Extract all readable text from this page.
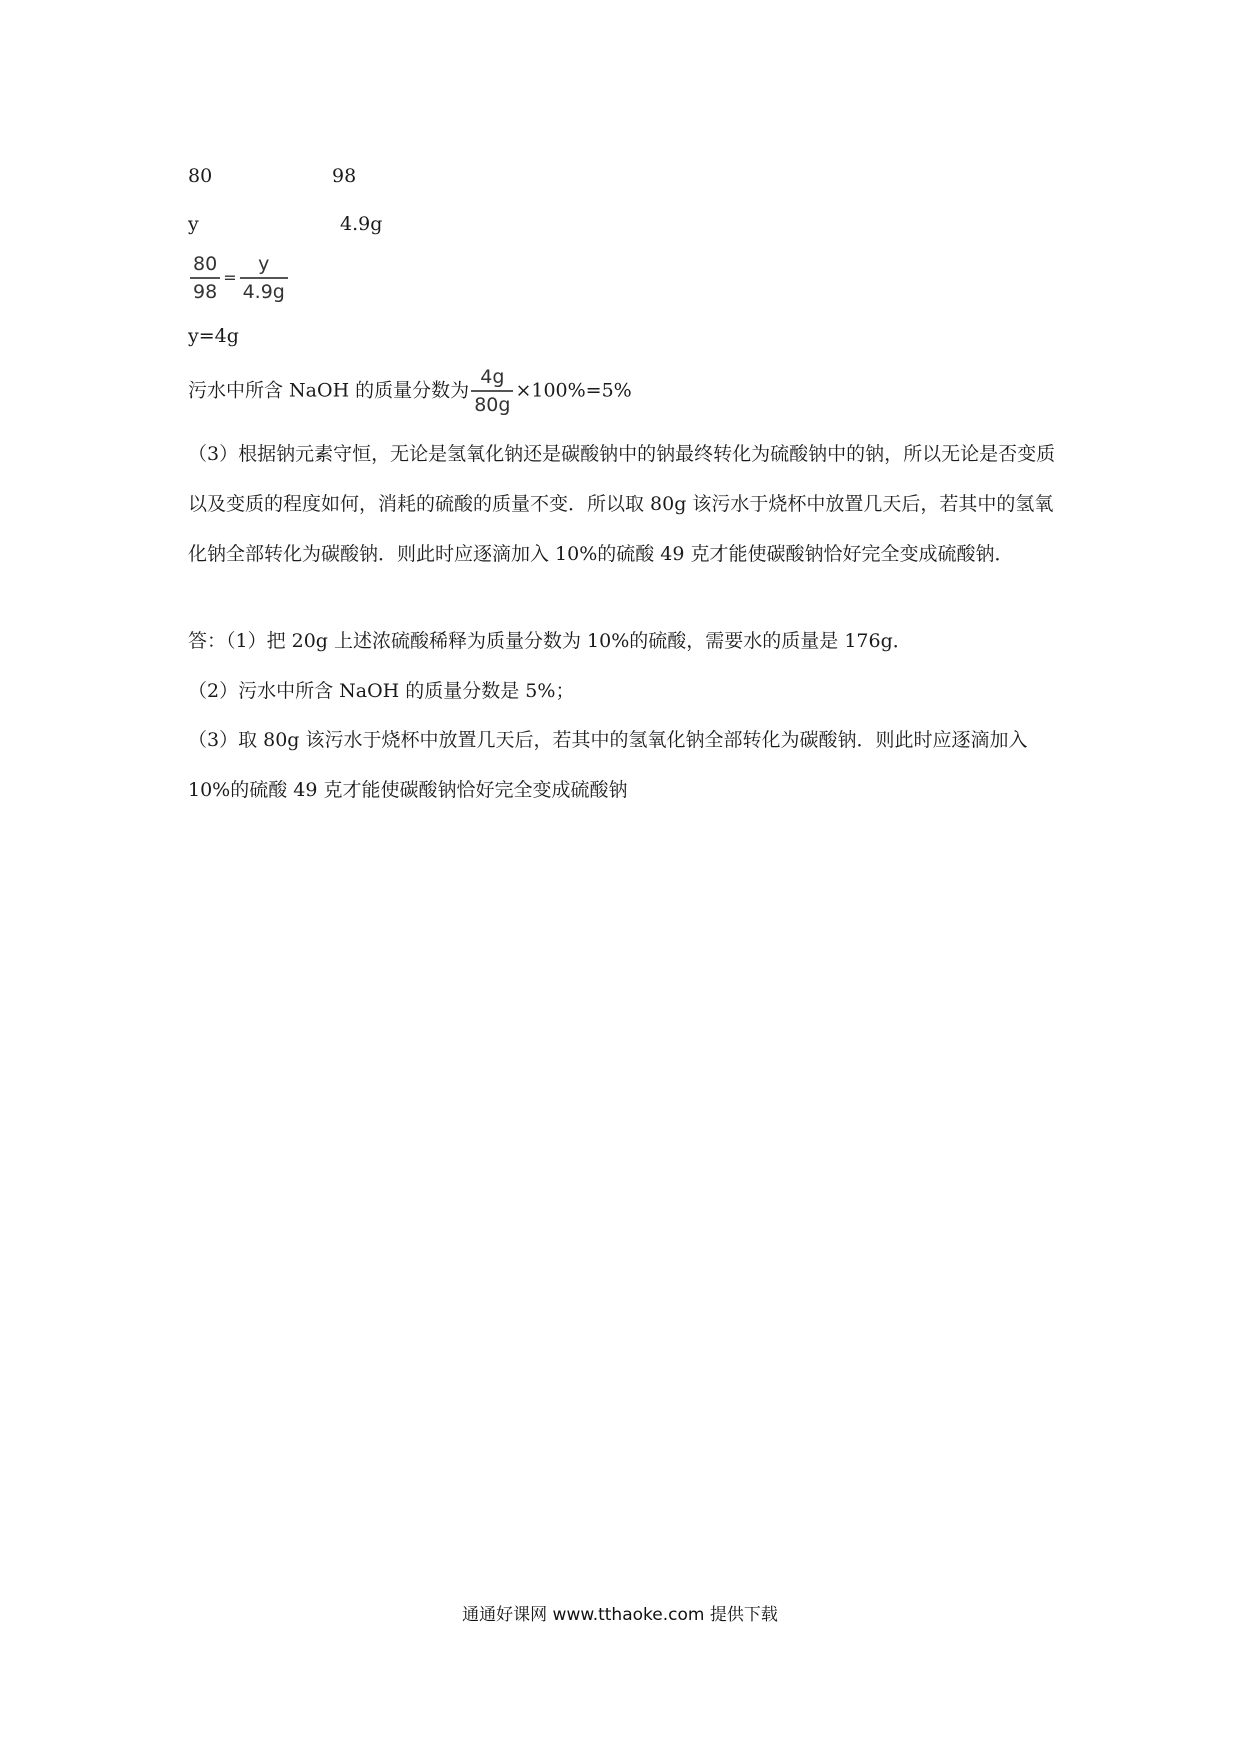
80	98
y	4.9g
$\frac{80}{98} = \frac{y}{4.9g}$
y=4g
污水中所含 NaOH 的质量分数为 $\frac{4g}{80g} \times 100\%=5\%$
（3）根据钠元素守恒，无论是氢氧化钠还是碳酸钠中的钠最终转化为硫酸钠中的钠，所以无论是否变质以及变质的程度如何，消耗的硫酸的质量不变．所以取 80g 该污水于烧杯中放置几天后，若其中的氢氧化钠全部转化为碳酸钠．则此时应逐滴加入 10%的硫酸 49 克才能使碳酸钠恰好完全变成硫酸钠．
答：（1）把 20g 上述浓硫酸稀释为质量分数为 10%的硫酸，需要水的质量是 176g．
（2）污水中所含 NaOH 的质量分数是 5%；
（3）取 80g 该污水于烧杯中放置几天后，若其中的氢氧化钠全部转化为碳酸钠．则此时应逐滴加入 10%的硫酸 49 克才能使碳酸钠恰好完全变成硫酸钠
通通好课网 www.tthaoke.com 提供下载
